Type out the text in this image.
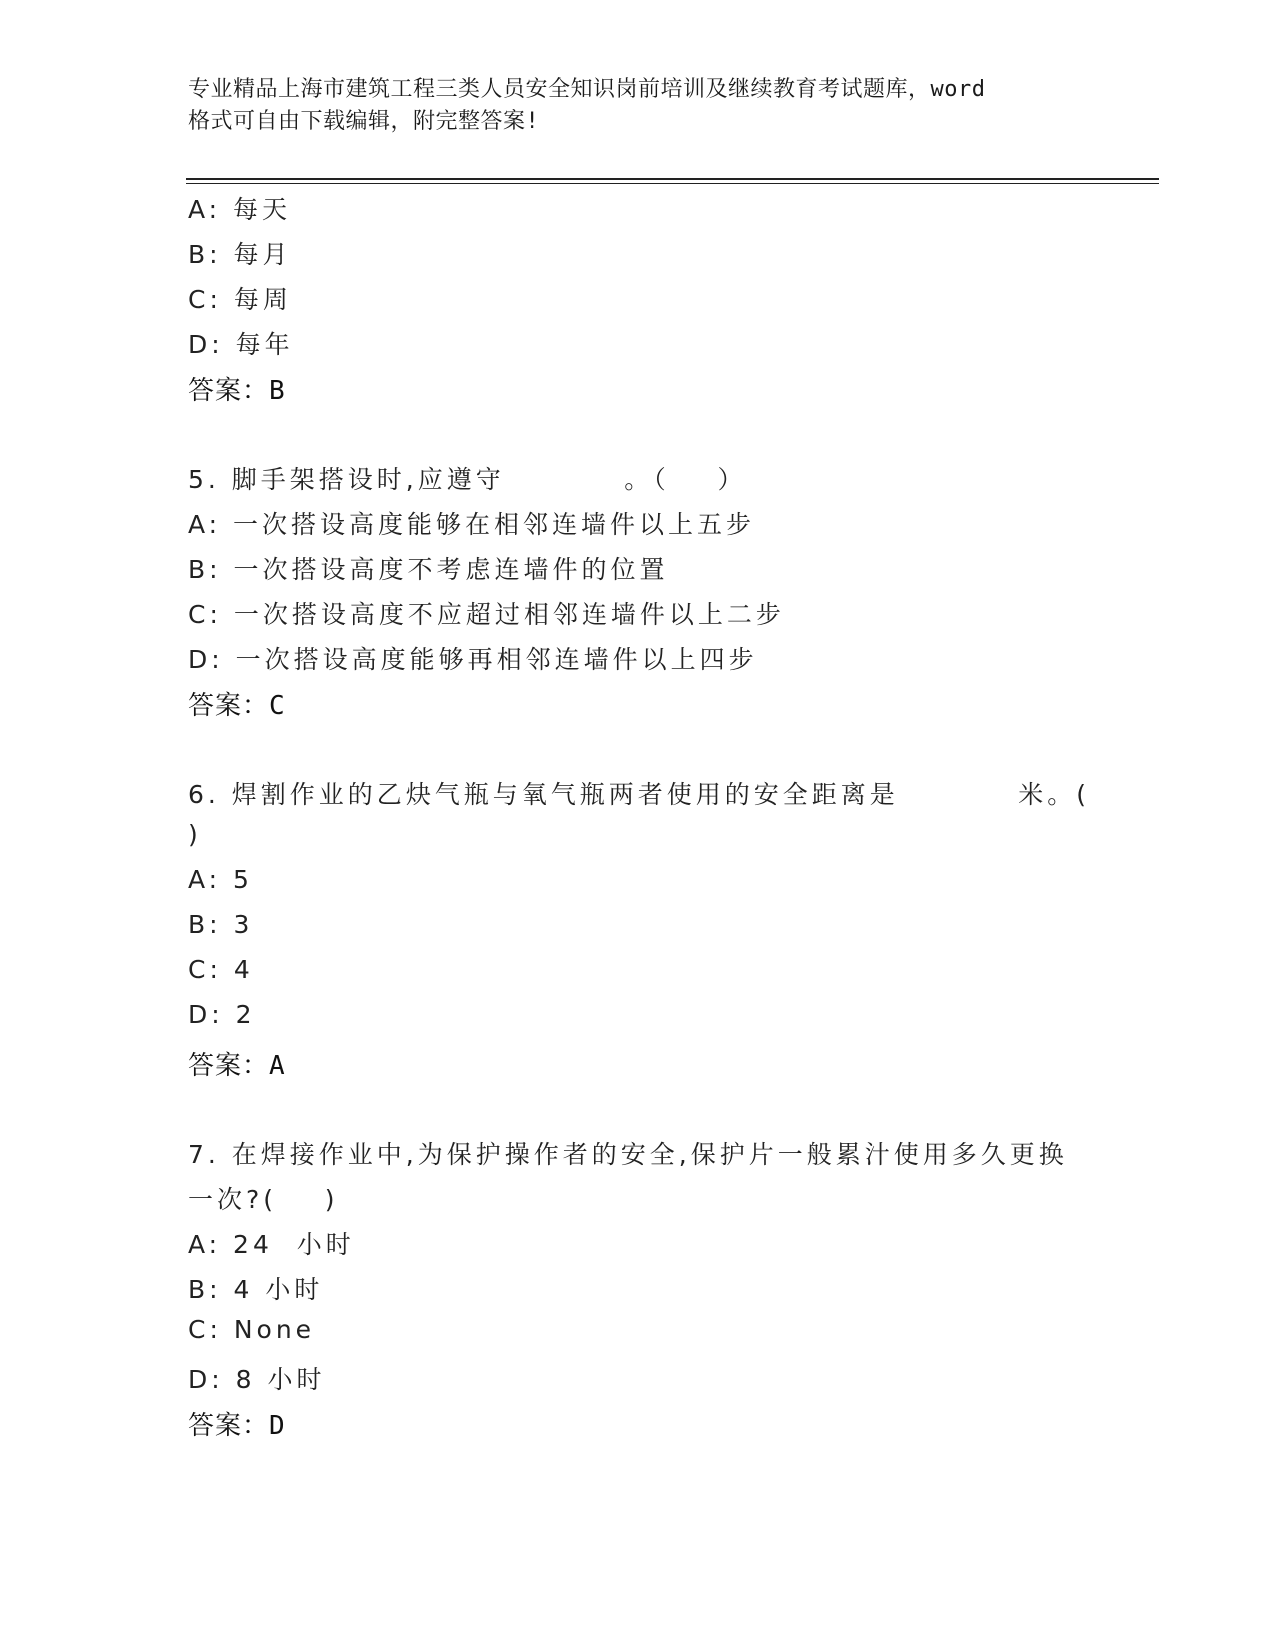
专业精品上海市建筑工程三类人员安全知识岗前培训及继续教育考试题库，word
格式可自由下载编辑，附完整答案!
A: 每天
B: 每月
C: 每周
D: 每年
答案：B
5. 脚手架搭设时,应遵守          。（    ）
A: 一次搭设高度能够在相邻连墙件以上五步
B: 一次搭设高度不考虑连墙件的位置
C: 一次搭设高度不应超过相邻连墙件以上二步
D: 一次搭设高度能够再相邻连墙件以上四步
答案：C
6. 焊割作业的乙炔气瓶与氧气瓶两者使用的安全距离是          米。(
)
A: 5
B: 3
C: 4
D: 2
答案：A
7. 在焊接作业中,为保护操作者的安全,保护片一般累汁使用多久更换
一次?(    )
A: 24  小时
B: 4 小时
C: None
D: 8 小时
答案：D
